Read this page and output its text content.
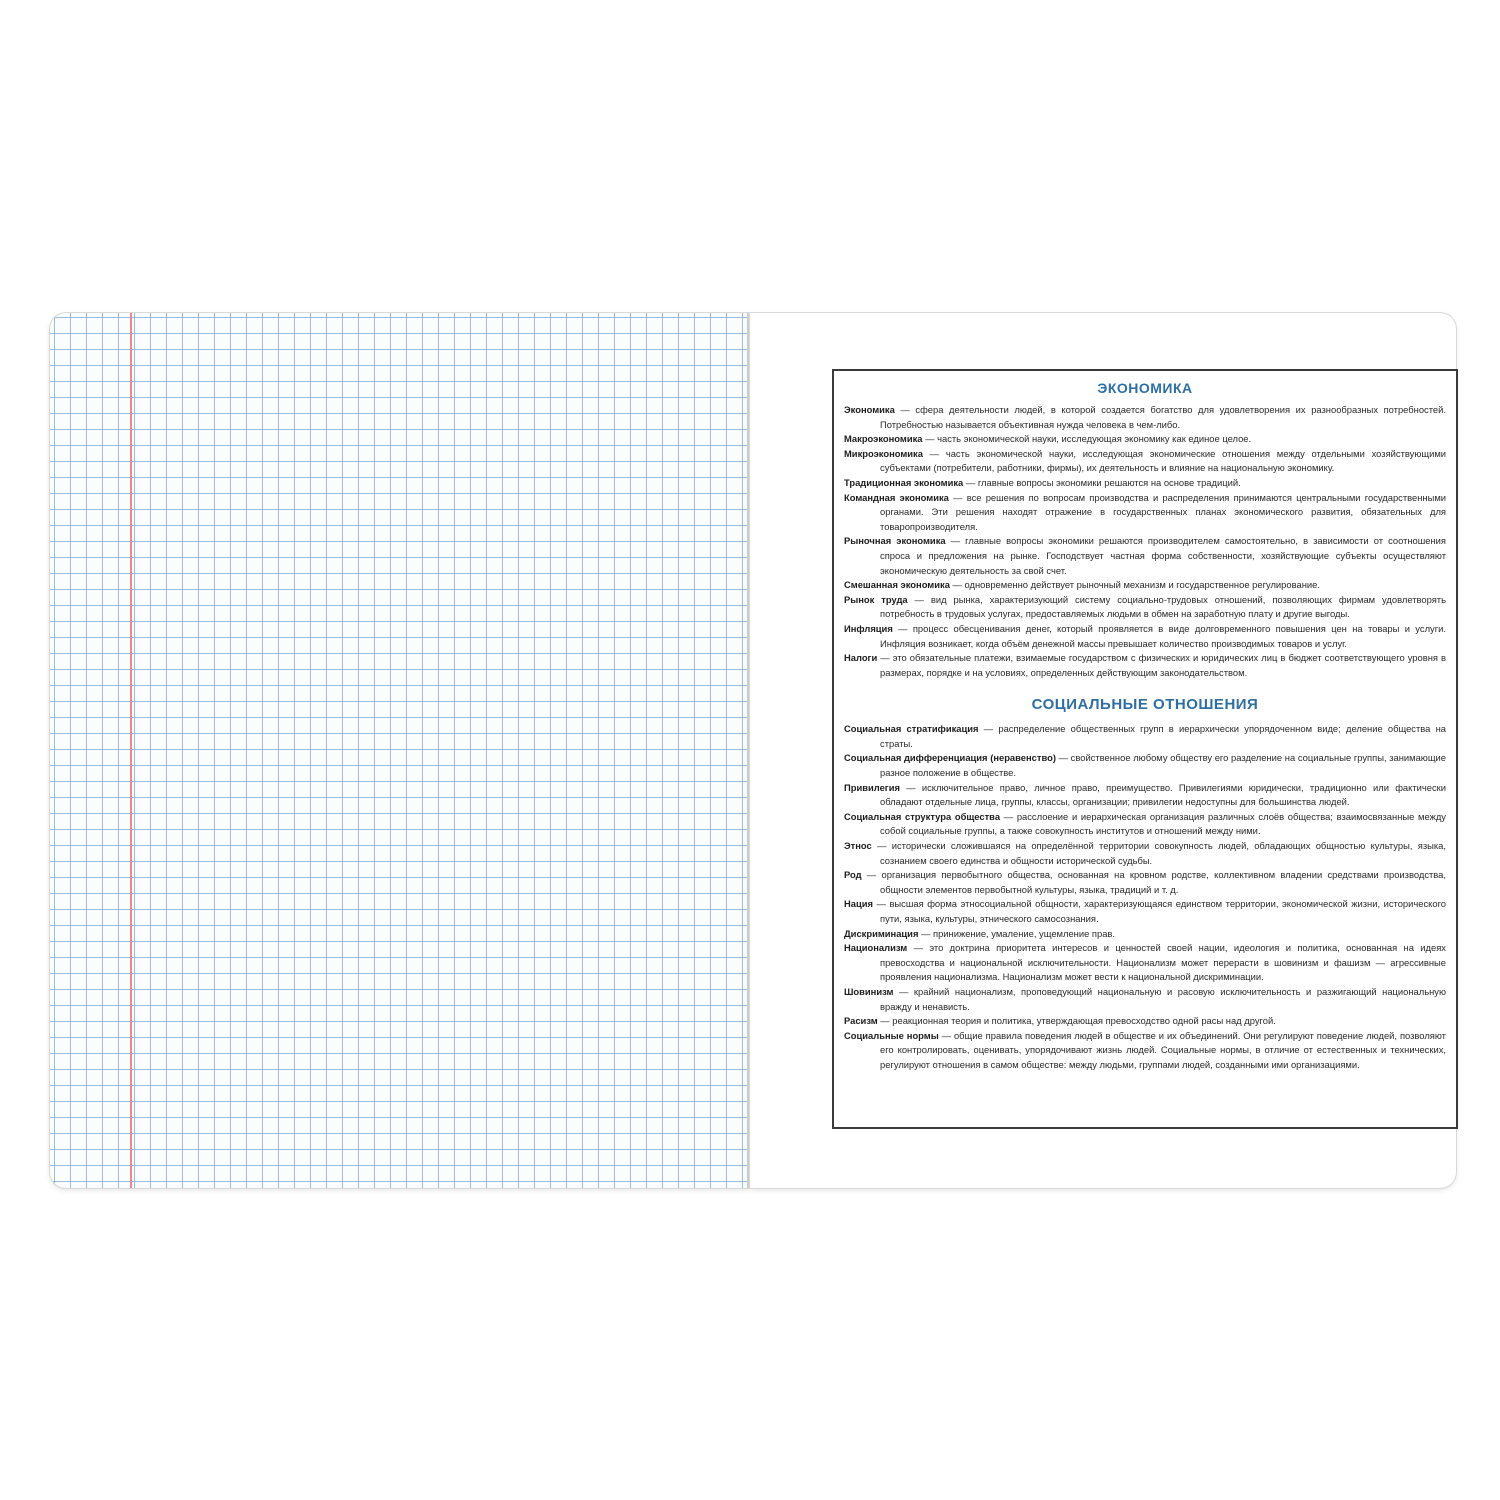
ЭКОНОМИКА

Экономика — сфера деятельности людей, в которой создается богатство для удовлетворения их разнообразных потребностей. Потребностью называется объективная нужда человека в чем-либо.

Макроэкономика — часть экономической науки, исследующая экономику как единое целое.

Микроэкономика — часть экономической науки, исследующая экономические отношения между отдельными хозяйствующими субъектами (потребители, работники, фирмы), их деятельность и влияние на национальную экономику.

Традиционная экономика — главные вопросы экономики решаются на основе традиций.

Командная экономика — все решения по вопросам производства и распределения принимаются центральными государственными органами. Эти решения находят отражение в государственных планах экономического развития, обязательных для товаропроизводителя.

Рыночная экономика — главные вопросы экономики решаются производителем самостоятельно, в зависимости от соотношения спроса и предложения на рынке. Господствует частная форма собственности, хозяйствующие субъекты осуществляют экономическую деятельность за свой счет.

Смешанная экономика — одновременно действует рыночный механизм и государственное регулирование.

Рынок труда — вид рынка, характеризующий систему социально-трудовых отношений, позволяющих фирмам удовлетворять потребность в трудовых услугах, предоставляемых людьми в обмен на заработную плату и другие выгоды.

Инфляция — процесс обесценивания денег, который проявляется в виде долговременного повышения цен на товары и услуги. Инфляция возникает, когда объём денежной массы превышает количество производимых товаров и услуг.

Налоги — это обязательные платежи, взимаемые государством с физических и юридических лиц в бюджет соответствующего уровня в размерах, порядке и на условиях, определенных действующим законодательством.

СОЦИАЛЬНЫЕ ОТНОШЕНИЯ

Социальная стратификация — распределение общественных групп в иерархически упорядоченном виде; деление общества на страты.

Социальная дифференциация (неравенство) — свойственное любому обществу его разделение на социальные группы, занимающие разное положение в обществе.

Привилегия — исключительное право, личное право, преимущество. Привилегиями юридически, традиционно или фактически обладают отдельные лица, группы, классы, организации; привилегии недоступны для большинства людей.

Социальная структура общества — расслоение и иерархическая организация различных слоёв общества; взаимосвязанные между собой социальные группы, а также совокупность институтов и отношений между ними.

Этнос — исторически сложившаяся на определённой территории совокупность людей, обладающих общностью культуры, языка, сознанием своего единства и общности исторической судьбы.

Род — организация первобытного общества, основанная на кровном родстве, коллективном владении средствами производства, общности элементов первобытной культуры, языка, традиций и т. д.

Нация — высшая форма этносоциальной общности, характеризующаяся единством территории, экономической жизни, исторического пути, языка, культуры, этнического самосознания.

Дискриминация — принижение, умаление, ущемление прав.

Национализм — это доктрина приоритета интересов и ценностей своей нации, идеология и политика, основанная на идеях превосходства и национальной исключительности. Национализм может перерасти в шовинизм и фашизм — агрессивные проявления национализма. Национализм может вести к национальной дискриминации.

Шовинизм — крайний национализм, проповедующий национальную и расовую исключительность и разжигающий национальную вражду и ненависть.

Расизм — реакционная теория и политика, утверждающая превосходство одной расы над другой.

Социальные нормы — общие правила поведения людей в обществе и их объединений. Они регулируют поведение людей, позволяют его контролировать, оценивать, упорядочивают жизнь людей. Социальные нормы, в отличие от естественных и технических, регулируют отношения в самом обществе: между людьми, группами людей, созданными ими организациями.
